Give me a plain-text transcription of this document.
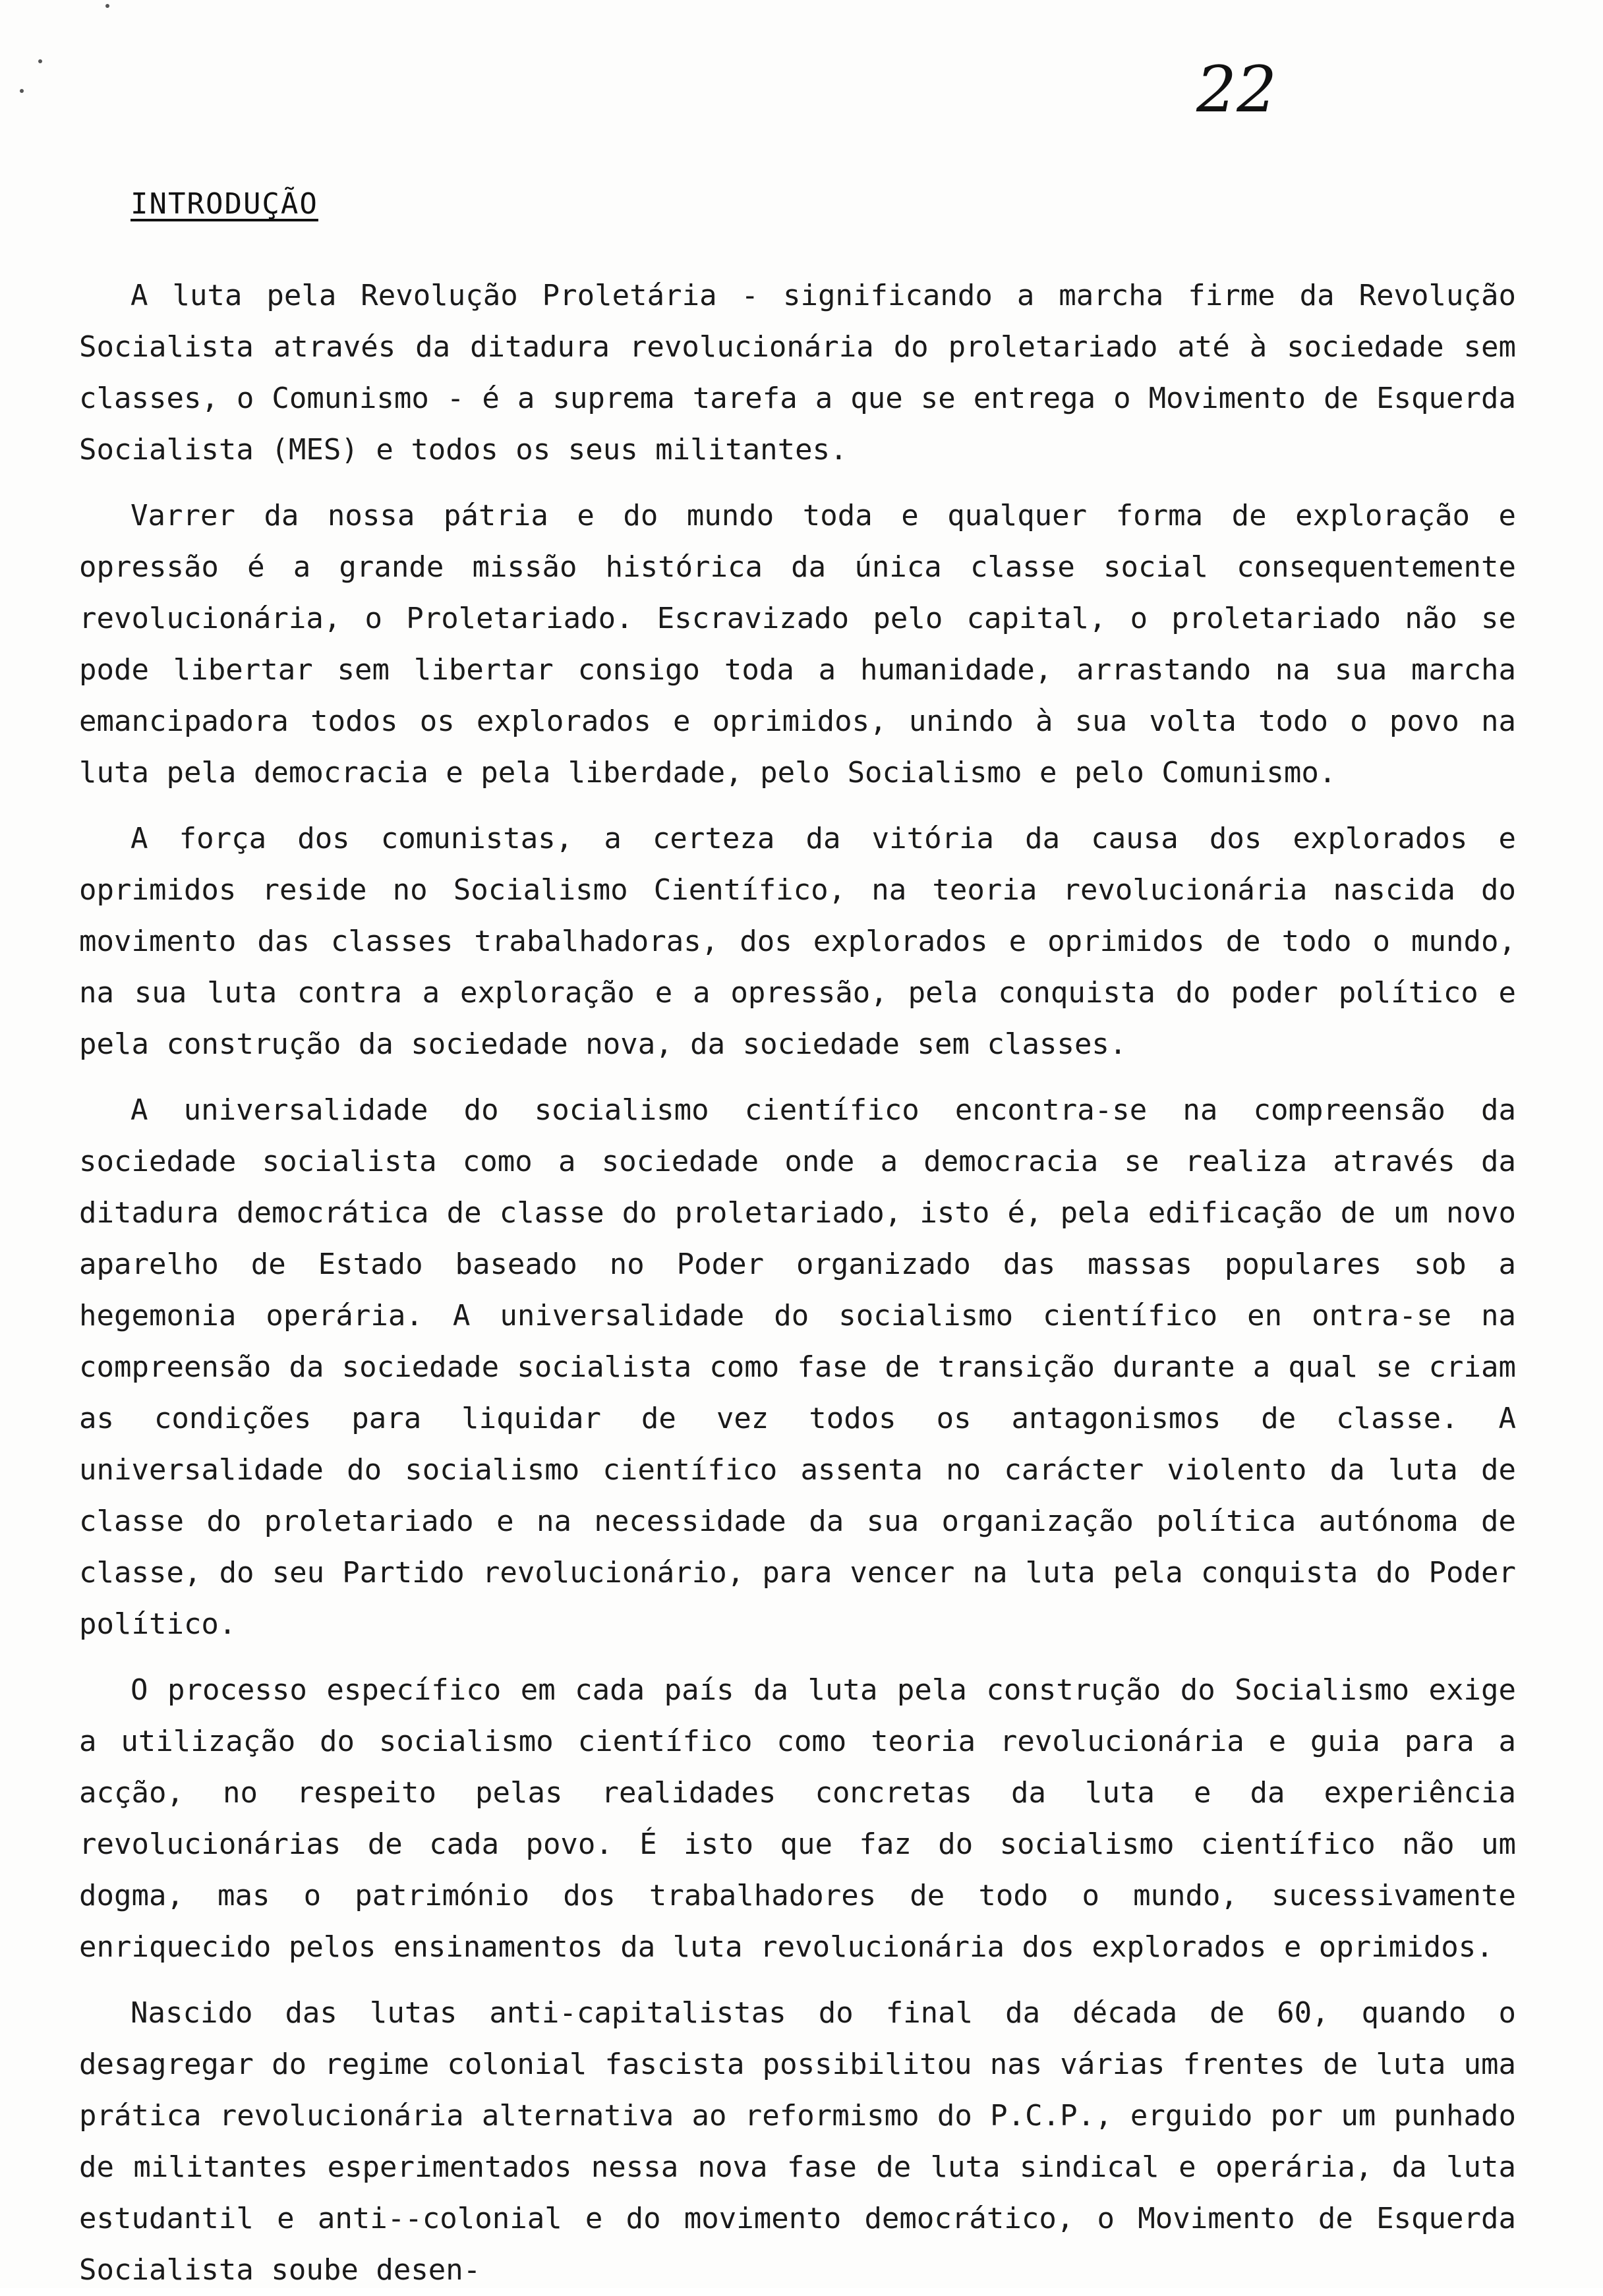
22
INTRODUÇÃO

A luta pela Revolução Proletária - significando a marcha firme da Revolução Socialista através da ditadura revolucionária do proletariado até à sociedade sem classes, o Comunismo - é a suprema tarefa a que se entrega o Movimento de Esquerda Socialista (MES) e todos os seus militantes.

Varrer da nossa pátria e do mundo toda e qualquer forma de exploração e opressão é a grande missão histórica da única classe social consequentemente revolucionária, o Proletariado. Escravizado pelo capital, o proletariado não se pode libertar sem libertar consigo toda a humanidade, arrastando na sua marcha emancipadora todos os explorados e oprimidos, unindo à sua volta todo o povo na luta pela democracia e pela liberdade, pelo Socialismo e pelo Comunismo.

A força dos comunistas, a certeza da vitória da causa dos explorados e oprimidos reside no Socialismo Científico, na teoria revolucionária nascida do movimento das classes trabalhadoras, dos explorados e oprimidos de todo o mundo, na sua luta contra a exploração e a opressão, pela conquista do poder político e pela construção da sociedade nova, da sociedade sem classes.

A universalidade do socialismo científico encontra-se na compreensão da sociedade socialista como a sociedade onde a democracia se realiza através da ditadura democrática de classe do proletariado, isto é, pela edificação de um novo aparelho de Estado baseado no Poder organizado das massas populares sob a hegemonia operária. A universalidade do socialismo científico en ontra-se na compreensão da sociedade socialista como fase de transição durante a qual se criam as condições para liquidar de vez todos os antagonismos de classe. A universalidade do socialismo científico assenta no carácter violento da luta de classe do proletariado e na necessidade da sua organização política autónoma de classe, do seu Partido revolucionário, para vencer na luta pela conquista do Poder político.

O processo específico em cada país da luta pela construção do Socialismo exige a utilização do socialismo científico como teoria revolucionária e guia para a acção, no respeito pelas realidades concretas da luta e da experiência revolucionárias de cada povo. É isto que faz do socialismo científico não um dogma, mas o património dos trabalhadores de todo o mundo, sucessivamente enriquecido pelos ensinamentos da luta revolucionária dos explorados e oprimidos.

Nascido das lutas anti-capitalistas do final da década de 60, quando o desagregar do regime colonial fascista possibilitou nas várias frentes de luta uma prática revolucionária alternativa ao reformismo do P.C.P., erguido por um punhado de militantes esperimentados nessa nova fase de luta sindical e operária, da luta estudantil e anti--colonial e do movimento democrático, o Movimento de Esquerda Socialista soube desen-
